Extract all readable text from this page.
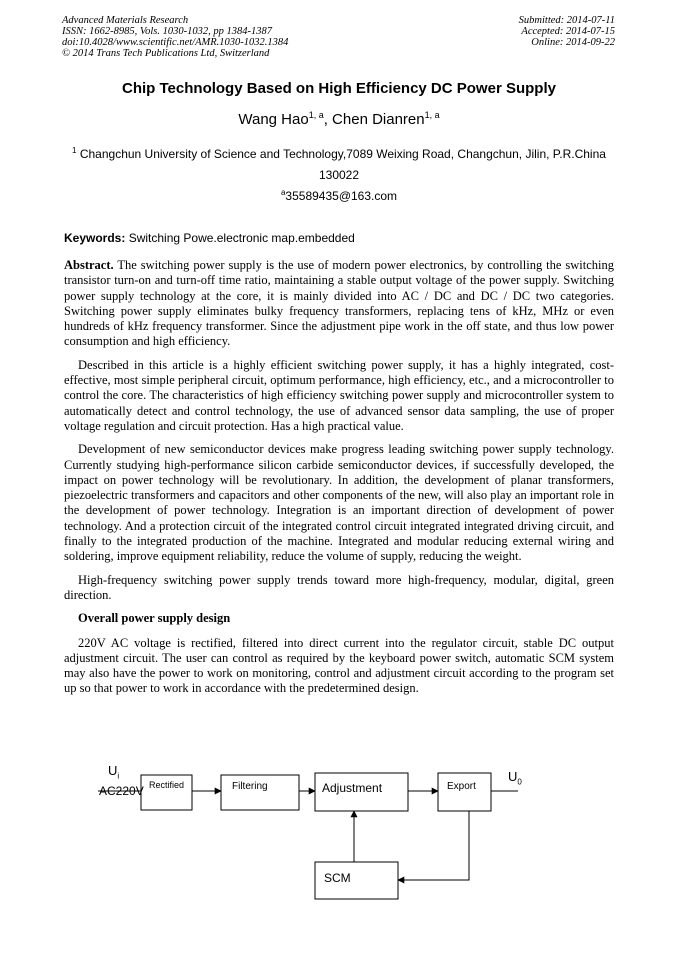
Advanced Materials Research
ISSN: 1662-8985, Vols. 1030-1032, pp 1384-1387
doi:10.4028/www.scientific.net/AMR.1030-1032.1384
© 2014 Trans Tech Publications Ltd, Switzerland
Submitted: 2014-07-11
Accepted: 2014-07-15
Online: 2014-09-22
Chip Technology Based on High Efficiency DC Power Supply
Wang Hao$^{1, a}$, Chen Dianren$^{1, a}$
$^1$ Changchun University of Science and Technology,7089 Weixing Road, Changchun, Jilin, P.R.China 130022
$^a$35589435@163.com
Keywords: Switching Powe.electronic map.embedded

Abstract. The switching power supply is the use of modern power electronics, by controlling the switching transistor turn-on and turn-off time ratio, maintaining a stable output voltage of the power supply. Switching power supply technology at the core, it is mainly divided into AC / DC and DC / DC two categories. Switching power supply eliminates bulky frequency transformers, replacing tens of kHz, MHz or even hundreds of kHz frequency transformer. Since the adjustment pipe work in the off state, and thus low power consumption and high efficiency.

Described in this article is a highly efficient switching power supply, it has a highly integrated, cost-effective, most simple peripheral circuit, optimum performance, high efficiency, etc., and a microcontroller to control the core. The characteristics of high efficiency switching power supply and microcontroller system to automatically detect and control technology, the use of advanced sensor data sampling, the use of proper voltage regulation and circuit protection. Has a high practical value.

Development of new semiconductor devices make progress leading switching power supply technology. Currently studying high-performance silicon carbide semiconductor devices, if successfully developed, the impact on power technology will be revolutionary. In addition, the development of planar transformers, piezoelectric transformers and capacitors and other components of the new, will also play an important role in the development of power technology. Integration is an important direction of development of power technology. And a protection circuit of the integrated control circuit integrated integrated driving circuit, and finally to the integrated production of the machine. Integrated and modular reducing external wiring and soldering, improve equipment reliability, reduce the volume of supply, reducing the weight.

High-frequency switching power supply trends toward more high-frequency, modular, digital, green direction.

Overall power supply design

220V AC voltage is rectified, filtered into direct current into the regulator circuit, stable DC output adjustment circuit. The user can control as required by the keyboard power switch, automatic SCM system may also have the power to work on monitoring, control and adjustment circuit according to the program set up so that power to work in accordance with the predetermined design.

$U_i$
AC220V Rectified	Filtering	Adjustment	Export
SCM
$U_0$
